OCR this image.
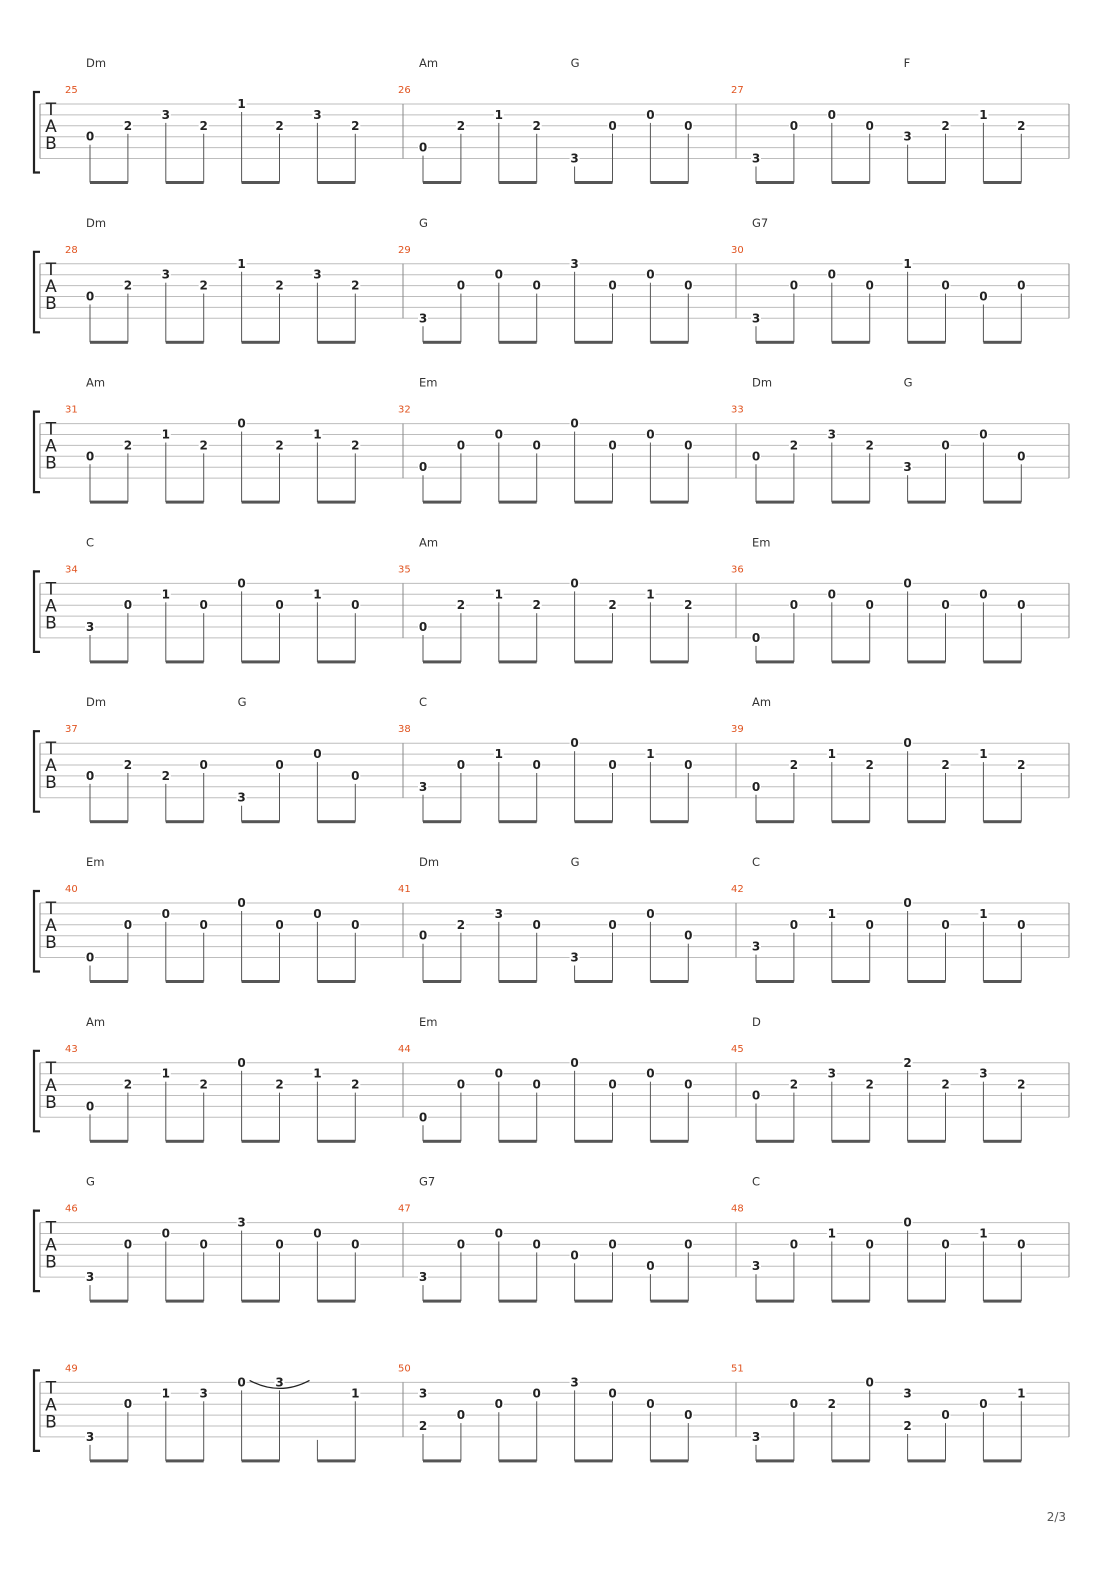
T
A
B
Dm	Am	G	F
25
0
2
3
2
1
2
3
2
26
0
2
1
2
3
0
0
0
27
3
0
0
0
3
2
1
2
T
A
B
Dm	G	G7
28
0
2
3
2
1
2
3
2
29
3
0
0
0
3
0
0
0
30
3
0
0
0
1
0
0
0
T
A
B
Am	Em	Dm	G
31
0
2
1
2
0
2
1
2
32
0
0
0
0
0
0
0
0
33
0
2
3
2
3
0
0
0
T
A
B
C	Am	Em
34
3
0
1
0
0
0
1
0
35
0
2
1
2
0
2
1
2
36
0
0
0
0
0
0
0
0
T
A
B
Dm	G	C	Am
37
0
2
2
0
3
0
0
0
38
3
0
1
0
0
0
1
0
39
0
2
1
2
0
2
1
2
T
A
B
Em	Dm	G	C
40
0
0
0
0
0
0
0
0
41
0
2
3
0
3
0
0
0
42
3
0
1
0
0
0
1
0
T
A
B
Am	Em	D
43
0
2
1
2
0
2
1
2
44
0
0
0
0
0
0
0
0
45
0
2
3
2
2
2
3
2
T
A
B
G	G7	C
46
3
0
0
0
3
0
0
0
47
3
0
0
0
0
0
0
0
48
3
0
1
0
0
0
1
0
T
A
B
49
3
0
1 3
0 3
1
50
3
2
0
0
0
3
0
0
0
51
3
0 2
0
3
2
0
0
1
2/3
